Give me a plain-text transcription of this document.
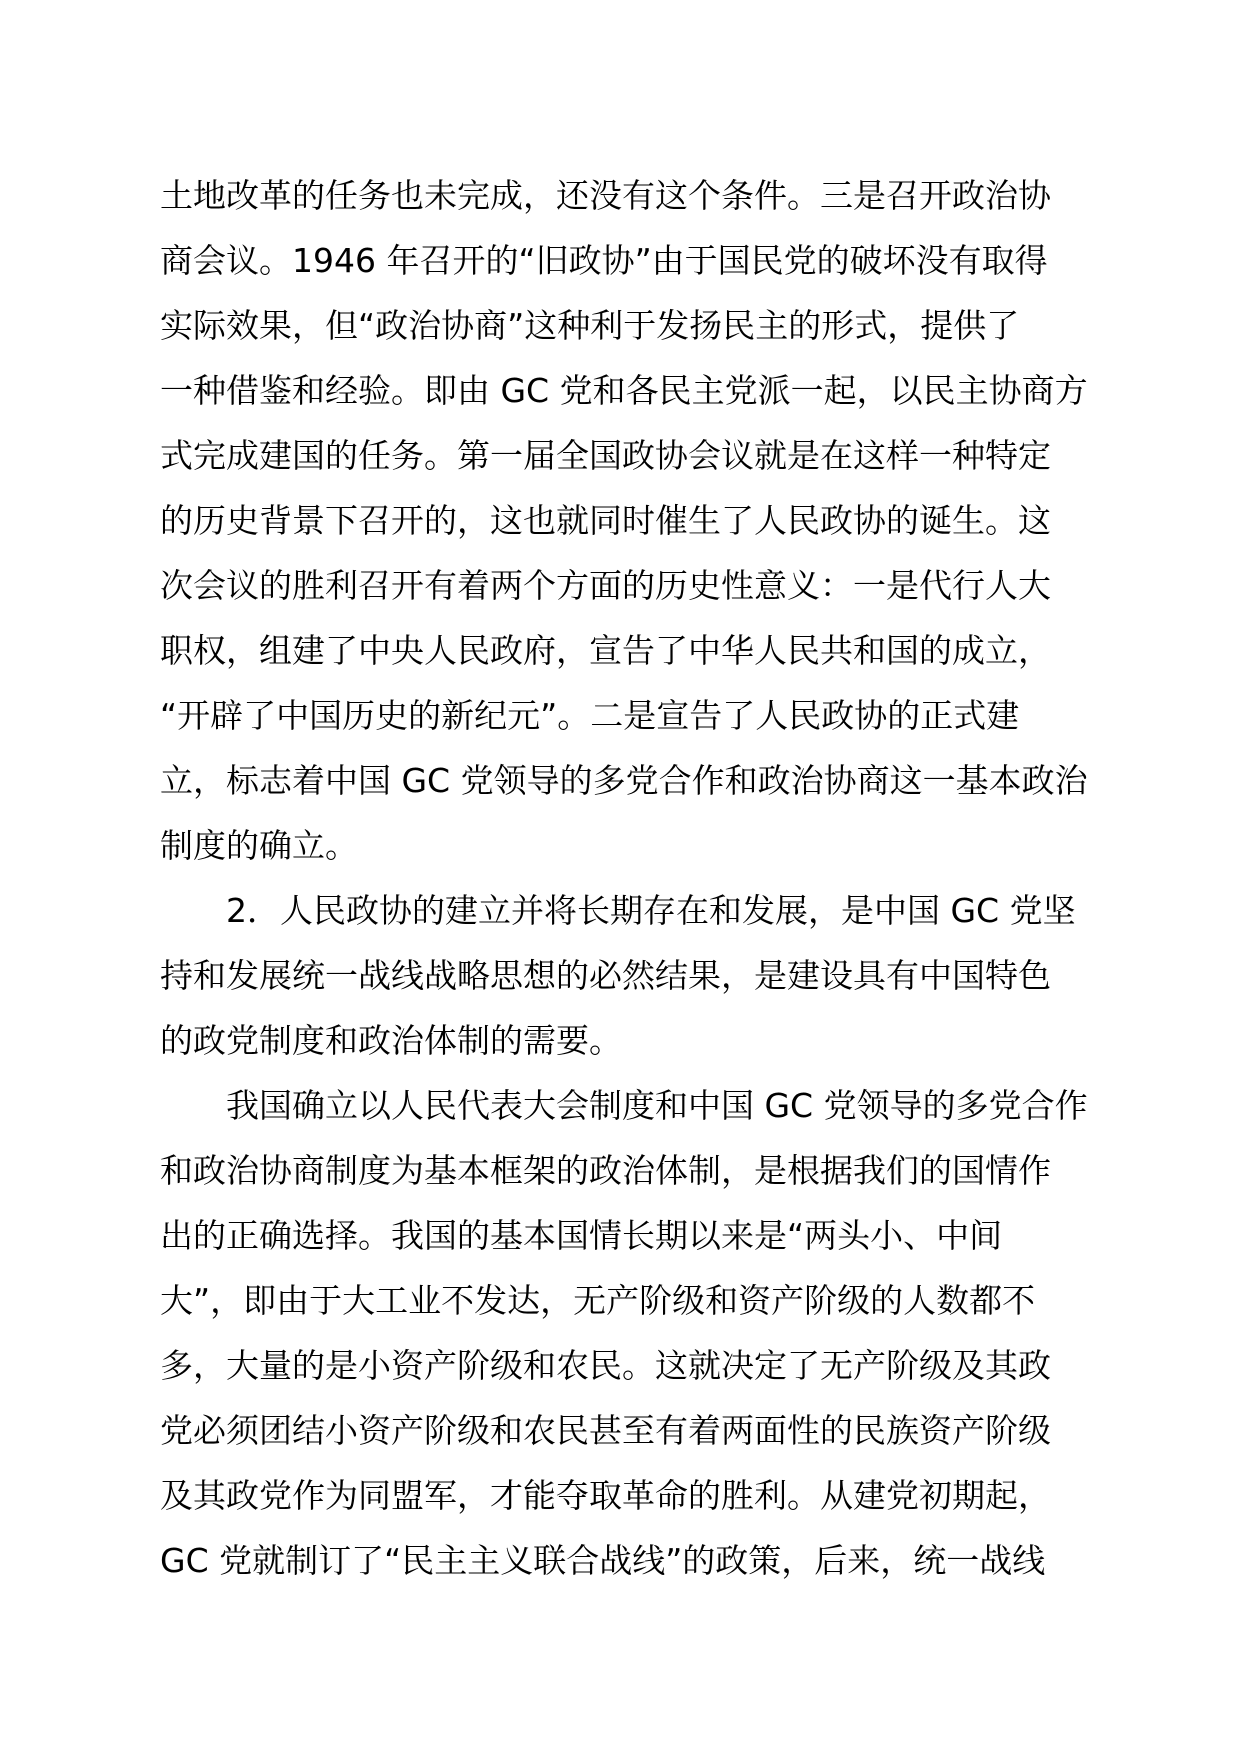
土地改革的任务也未完成，还没有这个条件。三是召开政治协
商会议。1946 年召开的“旧政协”由于国民党的破坏没有取得
实际效果，但“政治协商”这种利于发扬民主的形式，提供了
一种借鉴和经验。即由 GC 党和各民主党派一起，以民主协商方
式完成建国的任务。第一届全国政协会议就是在这样一种特定
的历史背景下召开的，这也就同时催生了人民政协的诞生。这
次会议的胜利召开有着两个方面的历史性意义：一是代行人大
职权，组建了中央人民政府，宣告了中华人民共和国的成立，
“开辟了中国历史的新纪元”。二是宣告了人民政协的正式建
立，标志着中国 GC 党领导的多党合作和政治协商这一基本政治
制度的确立。
2．人民政协的建立并将长期存在和发展，是中国 GC 党坚
持和发展统一战线战略思想的必然结果，是建设具有中国特色
的政党制度和政治体制的需要。
我国确立以人民代表大会制度和中国 GC 党领导的多党合作
和政治协商制度为基本框架的政治体制，是根据我们的国情作
出的正确选择。我国的基本国情长期以来是“两头小、中间
大”，即由于大工业不发达，无产阶级和资产阶级的人数都不
多，大量的是小资产阶级和农民。这就决定了无产阶级及其政
党必须团结小资产阶级和农民甚至有着两面性的民族资产阶级
及其政党作为同盟军，才能夺取革命的胜利。从建党初期起，
GC 党就制订了“民主主义联合战线”的政策，后来，统一战线
